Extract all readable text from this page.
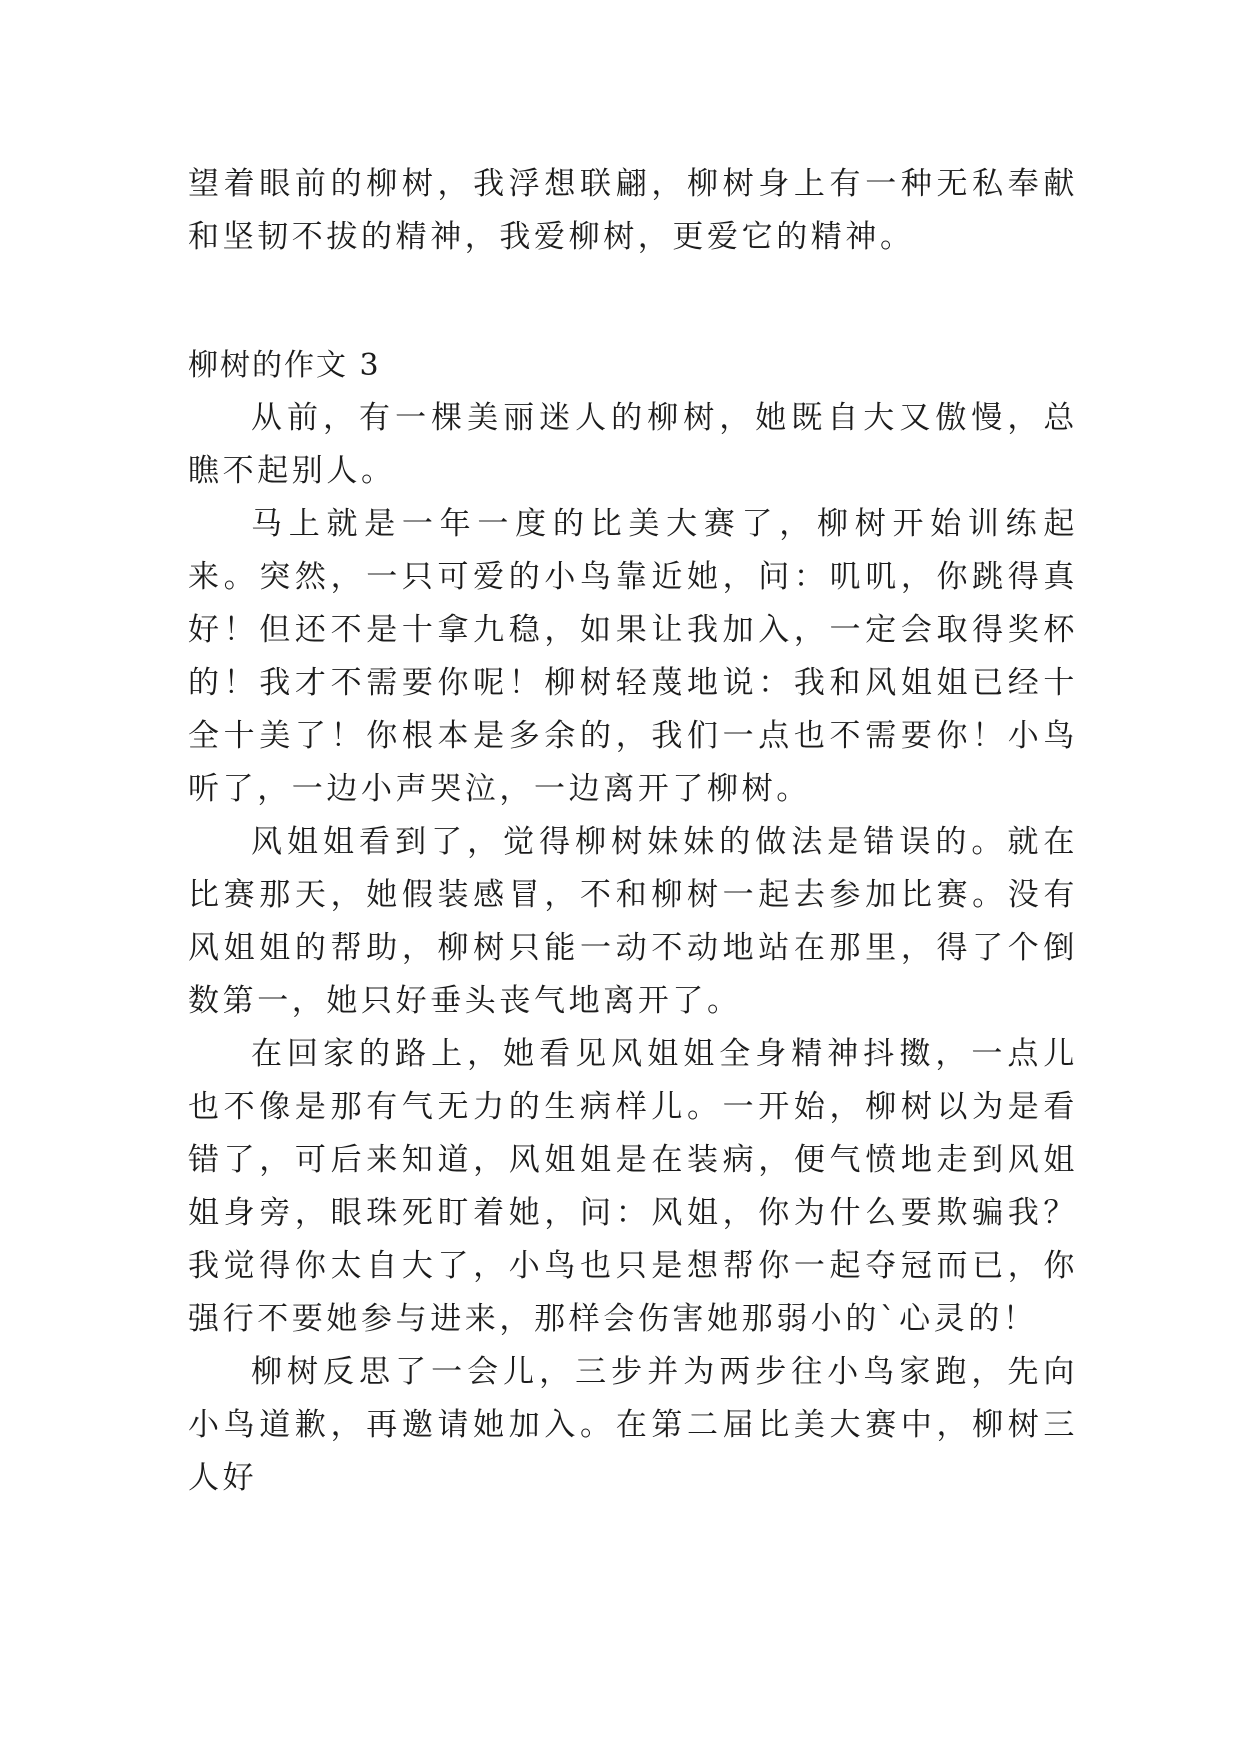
望着眼前的柳树，我浮想联翩，柳树身上有一种无私奉献和坚韧不拔的精神，我爱柳树，更爱它的精神。

柳树的作文 3

从前，有一棵美丽迷人的柳树，她既自大又傲慢，总瞧不起别人。

马上就是一年一度的比美大赛了，柳树开始训练起来。突然，一只可爱的小鸟靠近她，问：叽叽，你跳得真好！但还不是十拿九稳，如果让我加入，一定会取得奖杯的！我才不需要你呢！柳树轻蔑地说：我和风姐姐已经十全十美了！你根本是多余的，我们一点也不需要你！小鸟听了，一边小声哭泣，一边离开了柳树。

风姐姐看到了，觉得柳树妹妹的做法是错误的。就在比赛那天，她假装感冒，不和柳树一起去参加比赛。没有风姐姐的帮助，柳树只能一动不动地站在那里，得了个倒数第一，她只好垂头丧气地离开了。

在回家的路上，她看见风姐姐全身精神抖擞，一点儿也不像是那有气无力的生病样儿。一开始，柳树以为是看错了，可后来知道，风姐姐是在装病，便气愤地走到风姐姐身旁，眼珠死盯着她，问：风姐，你为什么要欺骗我？我觉得你太自大了，小鸟也只是想帮你一起夺冠而已，你强行不要她参与进来，那样会伤害她那弱小的`心灵的！

柳树反思了一会儿，三步并为两步往小鸟家跑，先向小鸟道歉，再邀请她加入。在第二届比美大赛中，柳树三人好
